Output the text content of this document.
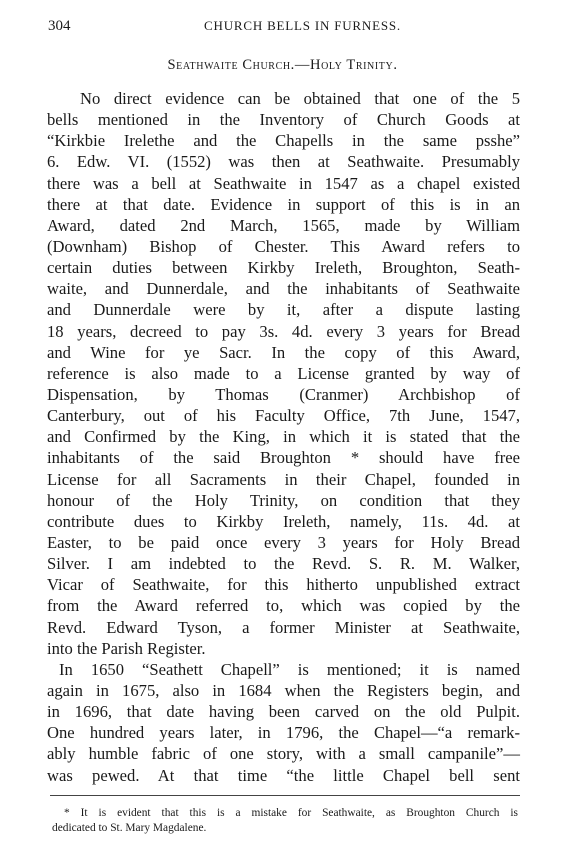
304	CHURCH BELLS IN FURNESS.
Seathwaite Church.—Holy Trinity.
No direct evidence can be obtained that one of the 5
bells mentioned in the Inventory of Church Goods at
“Kirkbie Irelethe and the Chapells in the same psshe”
6. Edw. VI. (1552) was then at Seathwaite. Presumably
there was a bell at Seathwaite in 1547 as a chapel existed
there at that date. Evidence in support of this is in an
Award, dated 2nd March, 1565, made by William
(Downham) Bishop of Chester. This Award refers to
certain duties between Kirkby Ireleth, Broughton, Seath-
waite, and Dunnerdale, and the inhabitants of Seathwaite
and Dunnerdale were by it, after a dispute lasting
18 years, decreed to pay 3s. 4d. every 3 years for Bread
and Wine for ye Sacr. In the copy of this Award,
reference is also made to a License granted by way of
Dispensation, by Thomas (Cranmer) Archbishop of
Canterbury, out of his Faculty Office, 7th June, 1547,
and Confirmed by the King, in which it is stated that the
inhabitants of the said Broughton * should have free
License for all Sacraments in their Chapel, founded in
honour of the Holy Trinity, on condition that they
contribute dues to Kirkby Ireleth, namely, 11s. 4d. at
Easter, to be paid once every 3 years for Holy Bread
Silver. I am indebted to the Revd. S. R. M. Walker,
Vicar of Seathwaite, for this hitherto unpublished extract
from the Award referred to, which was copied by the
Revd. Edward Tyson, a former Minister at Seathwaite,
into the Parish Register.
In 1650 “Seathett Chapell” is mentioned; it is named
again in 1675, also in 1684 when the Registers begin, and
in 1696, that date having been carved on the old Pulpit.
One hundred years later, in 1796, the Chapel—“a remark-
ably humble fabric of one story, with a small campanile”—
was pewed. At that time “the little Chapel bell sent
* It is evident that this is a mistake for Seathwaite, as Broughton Church is
dedicated to St. Mary Magdalene.
